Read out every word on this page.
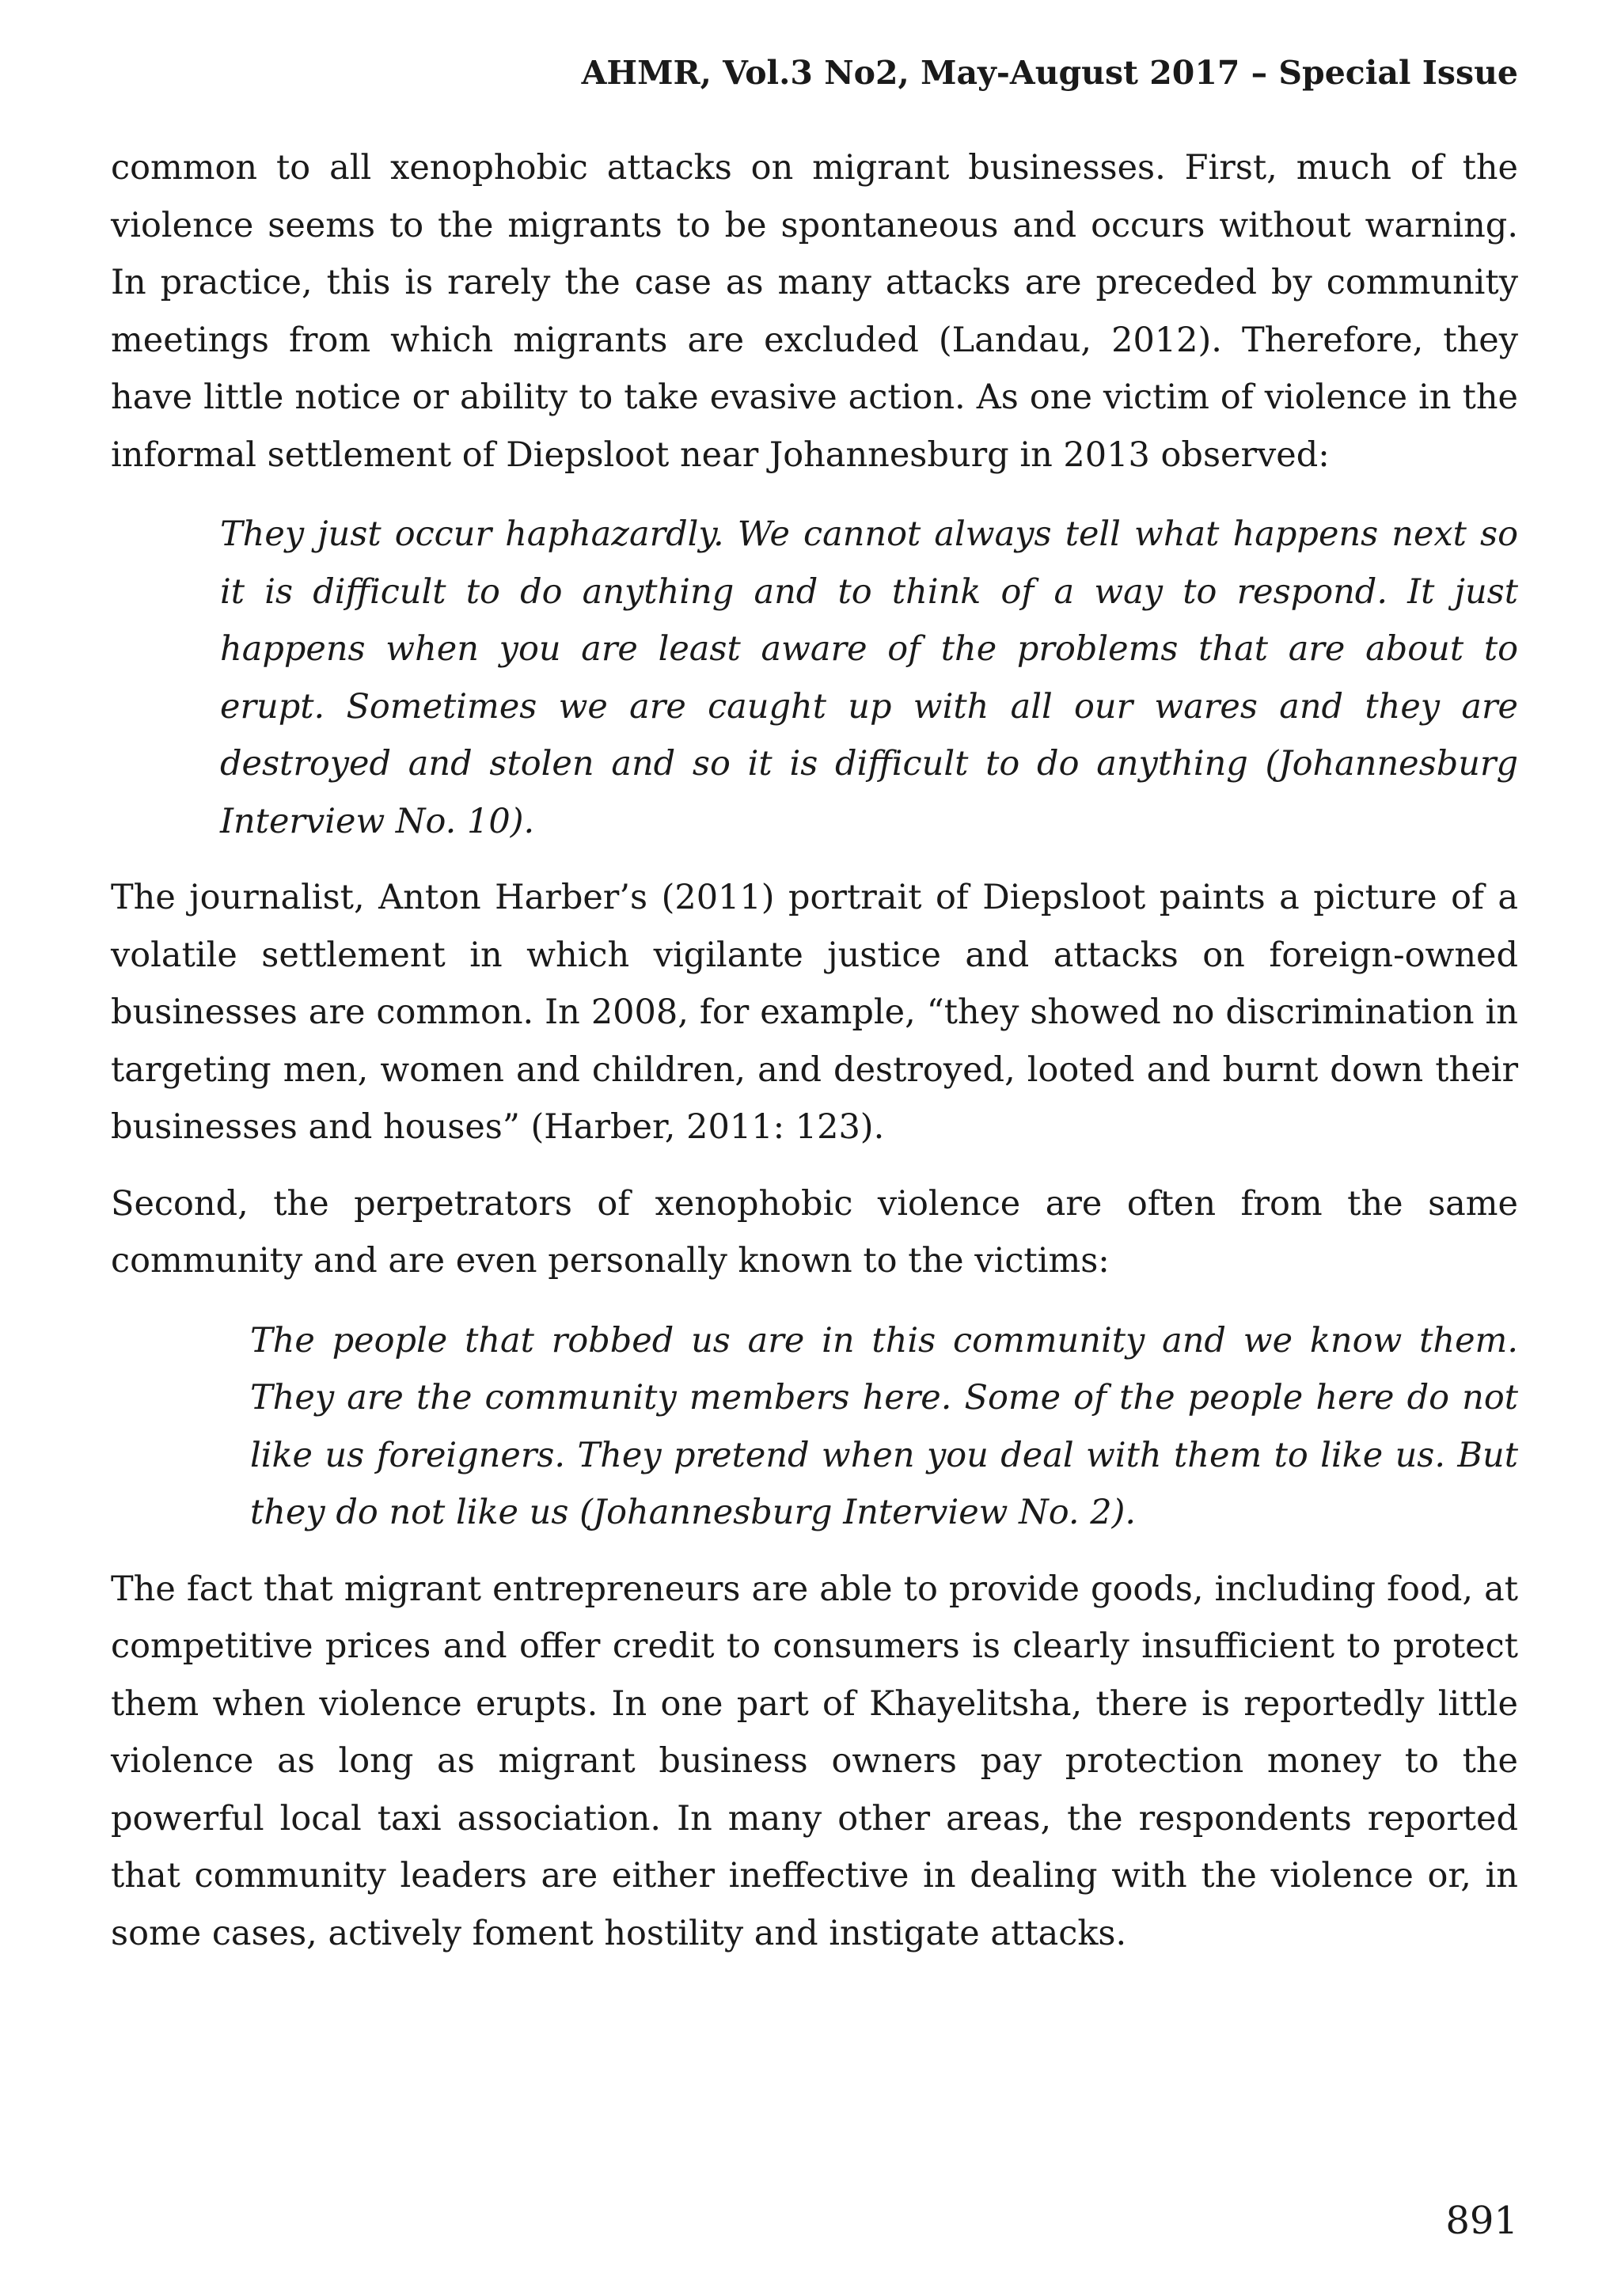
AHMR, Vol.3 No2, May-August 2017 – Special Issue

common to all xenophobic attacks on migrant businesses. First, much of the violence seems to the migrants to be spontaneous and occurs without warning. In practice, this is rarely the case as many attacks are preceded by community meetings from which migrants are excluded (Landau, 2012). Therefore, they have little notice or ability to take evasive action. As one victim of violence in the informal settlement of Diepsloot near Johannesburg in 2013 observed:

They just occur haphazardly. We cannot always tell what happens next so it is difficult to do anything and to think of a way to respond. It just happens when you are least aware of the problems that are about to erupt. Sometimes we are caught up with all our wares and they are destroyed and stolen and so it is difficult to do anything (Johannesburg Interview No. 10).

The journalist, Anton Harber’s (2011) portrait of Diepsloot paints a picture of a volatile settlement in which vigilante justice and attacks on foreign-owned businesses are common. In 2008, for example, “they showed no discrimination in targeting men, women and children, and destroyed, looted and burnt down their businesses and houses” (Harber, 2011: 123).

Second, the perpetrators of xenophobic violence are often from the same community and are even personally known to the victims:

The people that robbed us are in this community and we know them. They are the community members here. Some of the people here do not like us foreigners. They pretend when you deal with them to like us. But they do not like us (Johannesburg Interview No. 2).

The fact that migrant entrepreneurs are able to provide goods, including food, at competitive prices and offer credit to consumers is clearly insufficient to protect them when violence erupts. In one part of Khayelitsha, there is reportedly little violence as long as migrant business owners pay protection money to the powerful local taxi association. In many other areas, the respondents reported that community leaders are either ineffective in dealing with the violence or, in some cases, actively foment hostility and instigate attacks.

891
